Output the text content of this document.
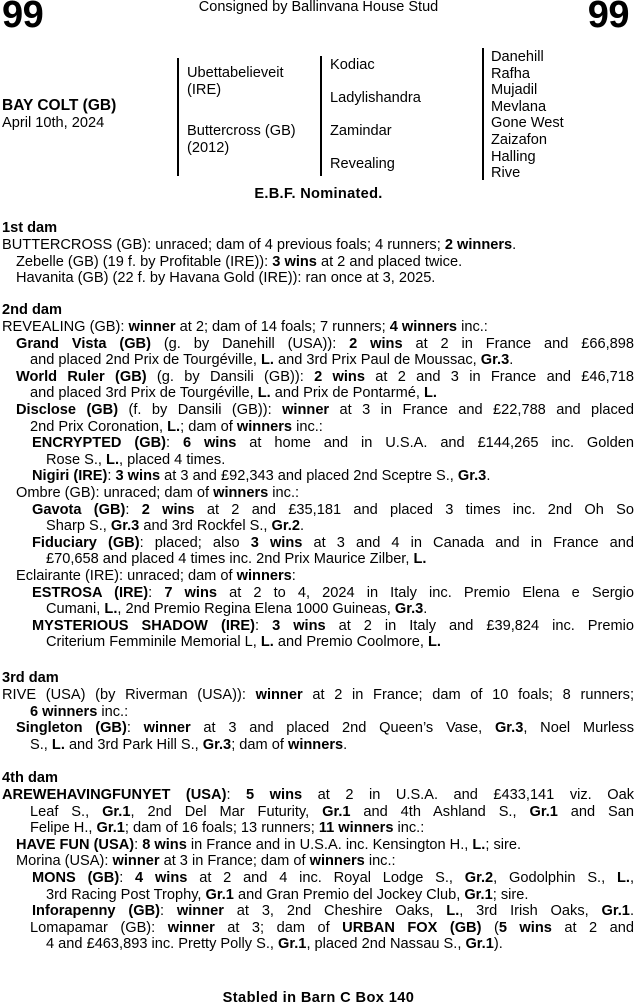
99	99
Consigned by Ballinvana House Stud
BAY COLT (GB)
April 10th, 2024
Ubettabelieveit
(IRE)
Buttercross (GB)
(2012)
Kodiac
Ladylishandra
Zamindar
Revealing
Danehill
Rafha
Mujadil
Mevlana
Gone West
Zaizafon
Halling
Rive
E.B.F. Nominated.
1st dam
2nd dam
3rd dam
4th dam
BUTTERCROSS (GB): unraced; dam of 4 previous foals; 4 runners; 2 winners.
Zebelle (GB) (19 f. by Profitable (IRE)): 3 wins at 2 and placed twice.
Havanita (GB) (22 f. by Havana Gold (IRE)): ran once at 3, 2025.
REVEALING (GB): winner at 2; dam of 14 foals; 7 runners; 4 winners inc.:
Grand Vista (GB) (g. by Danehill (USA)): 2 wins at 2 in France and £66,898
and placed 2nd Prix de Tourgéville, L. and 3rd Prix Paul de Moussac, Gr.3.
World Ruler (GB) (g. by Dansili (GB)): 2 wins at 2 and 3 in France and £46,718
and placed 3rd Prix de Tourgéville, L. and Prix de Pontarmé, L.
Disclose (GB) (f. by Dansili (GB)): winner at 3 in France and £22,788 and placed
2nd Prix Coronation, L.; dam of winners inc.:
ENCRYPTED (GB): 6 wins at home and in U.S.A. and £144,265 inc. Golden
Rose S., L., placed 4 times.
Nigiri (IRE): 3 wins at 3 and £92,343 and placed 2nd Sceptre S., Gr.3.
Ombre (GB): unraced; dam of winners inc.:
Gavota (GB): 2 wins at 2 and £35,181 and placed 3 times inc. 2nd Oh So
Sharp S., Gr.3 and 3rd Rockfel S., Gr.2.
Fiduciary (GB): placed; also 3 wins at 3 and 4 in Canada and in France and
£70,658 and placed 4 times inc. 2nd Prix Maurice Zilber, L.
Eclairante (IRE): unraced; dam of winners:
ESTROSA (IRE): 7 wins at 2 to 4, 2024 in Italy inc. Premio Elena e Sergio
Cumani, L., 2nd Premio Regina Elena 1000 Guineas, Gr.3.
MYSTERIOUS SHADOW (IRE): 3 wins at 2 in Italy and £39,824 inc. Premio
Criterium Femminile Memorial L, L. and Premio Coolmore, L.
RIVE (USA) (by Riverman (USA)): winner at 2 in France; dam of 10 foals; 8 runners;
6 winners inc.:
Singleton (GB): winner at 3 and placed 2nd Queen’s Vase, Gr.3, Noel Murless
S., L. and 3rd Park Hill S., Gr.3; dam of winners.
AREWEHAVINGFUNYET (USA): 5 wins at 2 in U.S.A. and £433,141 viz. Oak
Leaf S., Gr.1, 2nd Del Mar Futurity, Gr.1 and 4th Ashland S., Gr.1 and San
Felipe H., Gr.1; dam of 16 foals; 13 runners; 11 winners inc.:
HAVE FUN (USA): 8 wins in France and in U.S.A. inc. Kensington H., L.; sire.
Morina (USA): winner at 3 in France; dam of winners inc.:
MONS (GB): 4 wins at 2 and 4 inc. Royal Lodge S., Gr.2, Godolphin S., L.,
3rd Racing Post Trophy, Gr.1 and Gran Premio del Jockey Club, Gr.1; sire.
Inforapenny (GB): winner at 3, 2nd Cheshire Oaks, L., 3rd Irish Oaks, Gr.1.
Lomapamar (GB): winner at 3; dam of URBAN FOX (GB) (5 wins at 2 and
4 and £463,893 inc. Pretty Polly S., Gr.1, placed 2nd Nassau S., Gr.1).
Stabled in Barn C Box 140
